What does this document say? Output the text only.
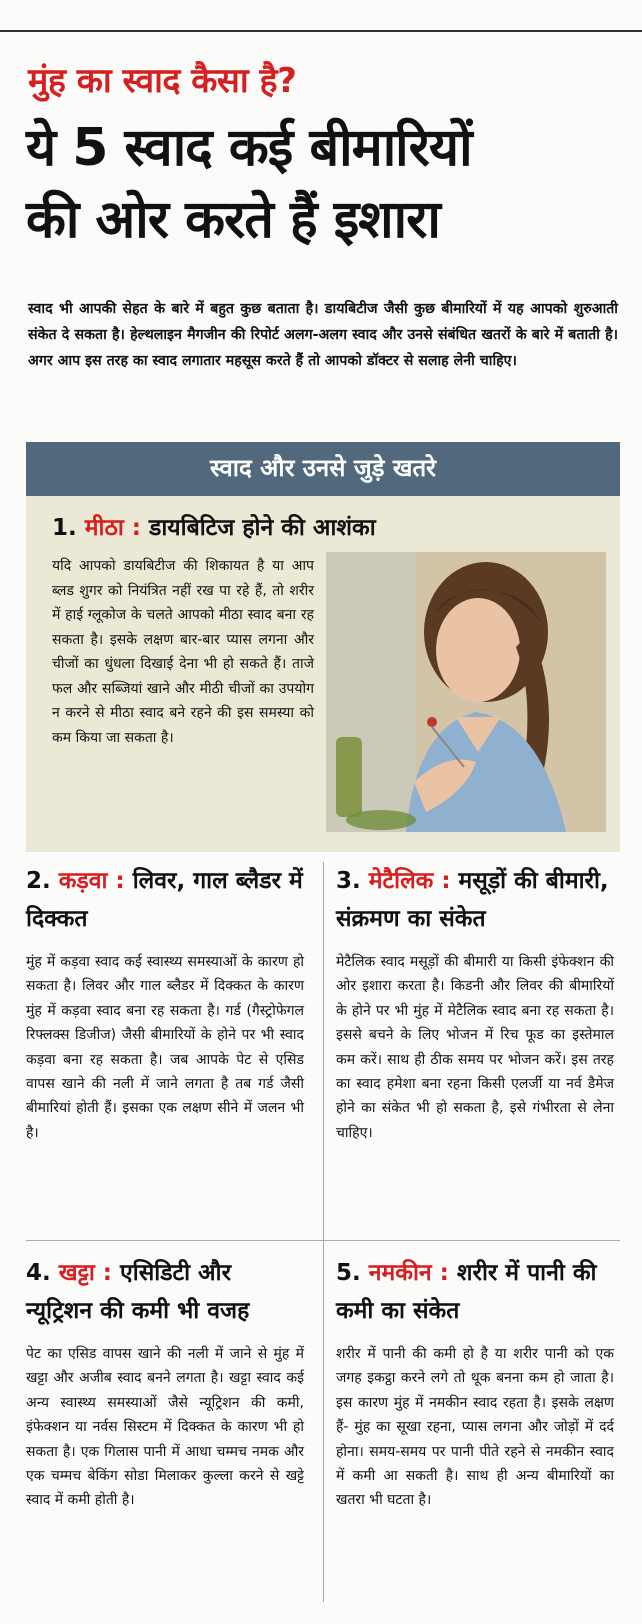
मुंह का स्वाद कैसा है?
ये 5 स्वाद कई बीमारियों
की ओर करते हैं इशारा
स्वाद भी आपकी सेहत के बारे में बहुत कुछ बताता है। डायबिटीज जैसी कुछ बीमारियों में यह आपको शुरुआती संकेत दे सकता है। हेल्थलाइन मैगजीन की रिपोर्ट अलग-अलग स्वाद और उनसे संबंधित खतरों के बारे में बताती है। अगर आप इस तरह का स्वाद लगातार महसूस करते हैं तो आपको डॉक्टर से सलाह लेनी चाहिए।
स्वाद और उनसे जुड़े खतरे
1. मीठा : डायबिटिज होने की आशंका
यदि आपको डायबिटीज की शिकायत है या आप ब्लड शुगर को नियंत्रित नहीं रख पा रहे हैं, तो शरीर में हाई ग्लूकोज के चलते आपको मीठा स्वाद बना रह सकता है। इसके लक्षण बार-बार प्यास लगना और चीजों का धुंधला दिखाई देना भी हो सकते हैं। ताजे फल और सब्जियां खाने और मीठी चीजों का उपयोग न करने से मीठा स्वाद बने रहने की इस समस्या को कम किया जा सकता है।
2. कड़वा : लिवर, गाल ब्लैडर में दिक्कत
मुंह में कड़वा स्वाद कई स्वास्थ्य समस्याओं के कारण हो सकता है। लिवर और गाल ब्लैडर में दिक्कत के कारण मुंह में कड़वा स्वाद बना रह सकता है। गर्ड (गैस्ट्रोफेगल रिफ्लक्स डिजीज) जैसी बीमारियों के होने पर भी स्वाद कड़वा बना रह सकता है। जब आपके पेट से एसिड वापस खाने की नली में जाने लगता है तब गर्ड जैसी बीमारियां होती हैं। इसका एक लक्षण सीने में जलन भी है।
3. मेटैलिक : मसूड़ों की बीमारी, संक्रमण का संकेत
मेटैलिक स्वाद मसूड़ों की बीमारी या किसी इंफेक्शन की ओर इशारा करता है। किडनी और लिवर की बीमारियों के होने पर भी मुंह में मेटैलिक स्वाद बना रह सकता है। इससे बचने के लिए भोजन में रिच फूड का इस्तेमाल कम करें। साथ ही ठीक समय पर भोजन करें। इस तरह का स्वाद हमेशा बना रहना किसी एलर्जी या नर्व डैमेज होने का संकेत भी हो सकता है, इसे गंभीरता से लेना चाहिए।
4. खट्टा : एसिडिटी और न्यूट्रिशन की कमी भी वजह
पेट का एसिड वापस खाने की नली में जाने से मुंह में खट्टा और अजीब स्वाद बनने लगता है। खट्टा स्वाद कई अन्य स्वास्थ्य समस्याओं जैसे न्यूट्रिशन की कमी, इंफेक्शन या नर्वस सिस्टम में दिक्कत के कारण भी हो सकता है। एक गिलास पानी में आधा चम्मच नमक और एक चम्मच बेकिंग सोडा मिलाकर कुल्ला करने से खट्टे स्वाद में कमी होती है।
5. नमकीन : शरीर में पानी की कमी का संकेत
शरीर में पानी की कमी हो है या शरीर पानी को एक जगह इकट्ठा करने लगे तो थूक बनना कम हो जाता है। इस कारण मुंह में नमकीन स्वाद रहता है। इसके लक्षण हैं- मुंह का सूखा रहना, प्यास लगना और जोड़ों में दर्द होना। समय-समय पर पानी पीते रहने से नमकीन स्वाद में कमी आ सकती है। साथ ही अन्य बीमारियों का खतरा भी घटता है।
